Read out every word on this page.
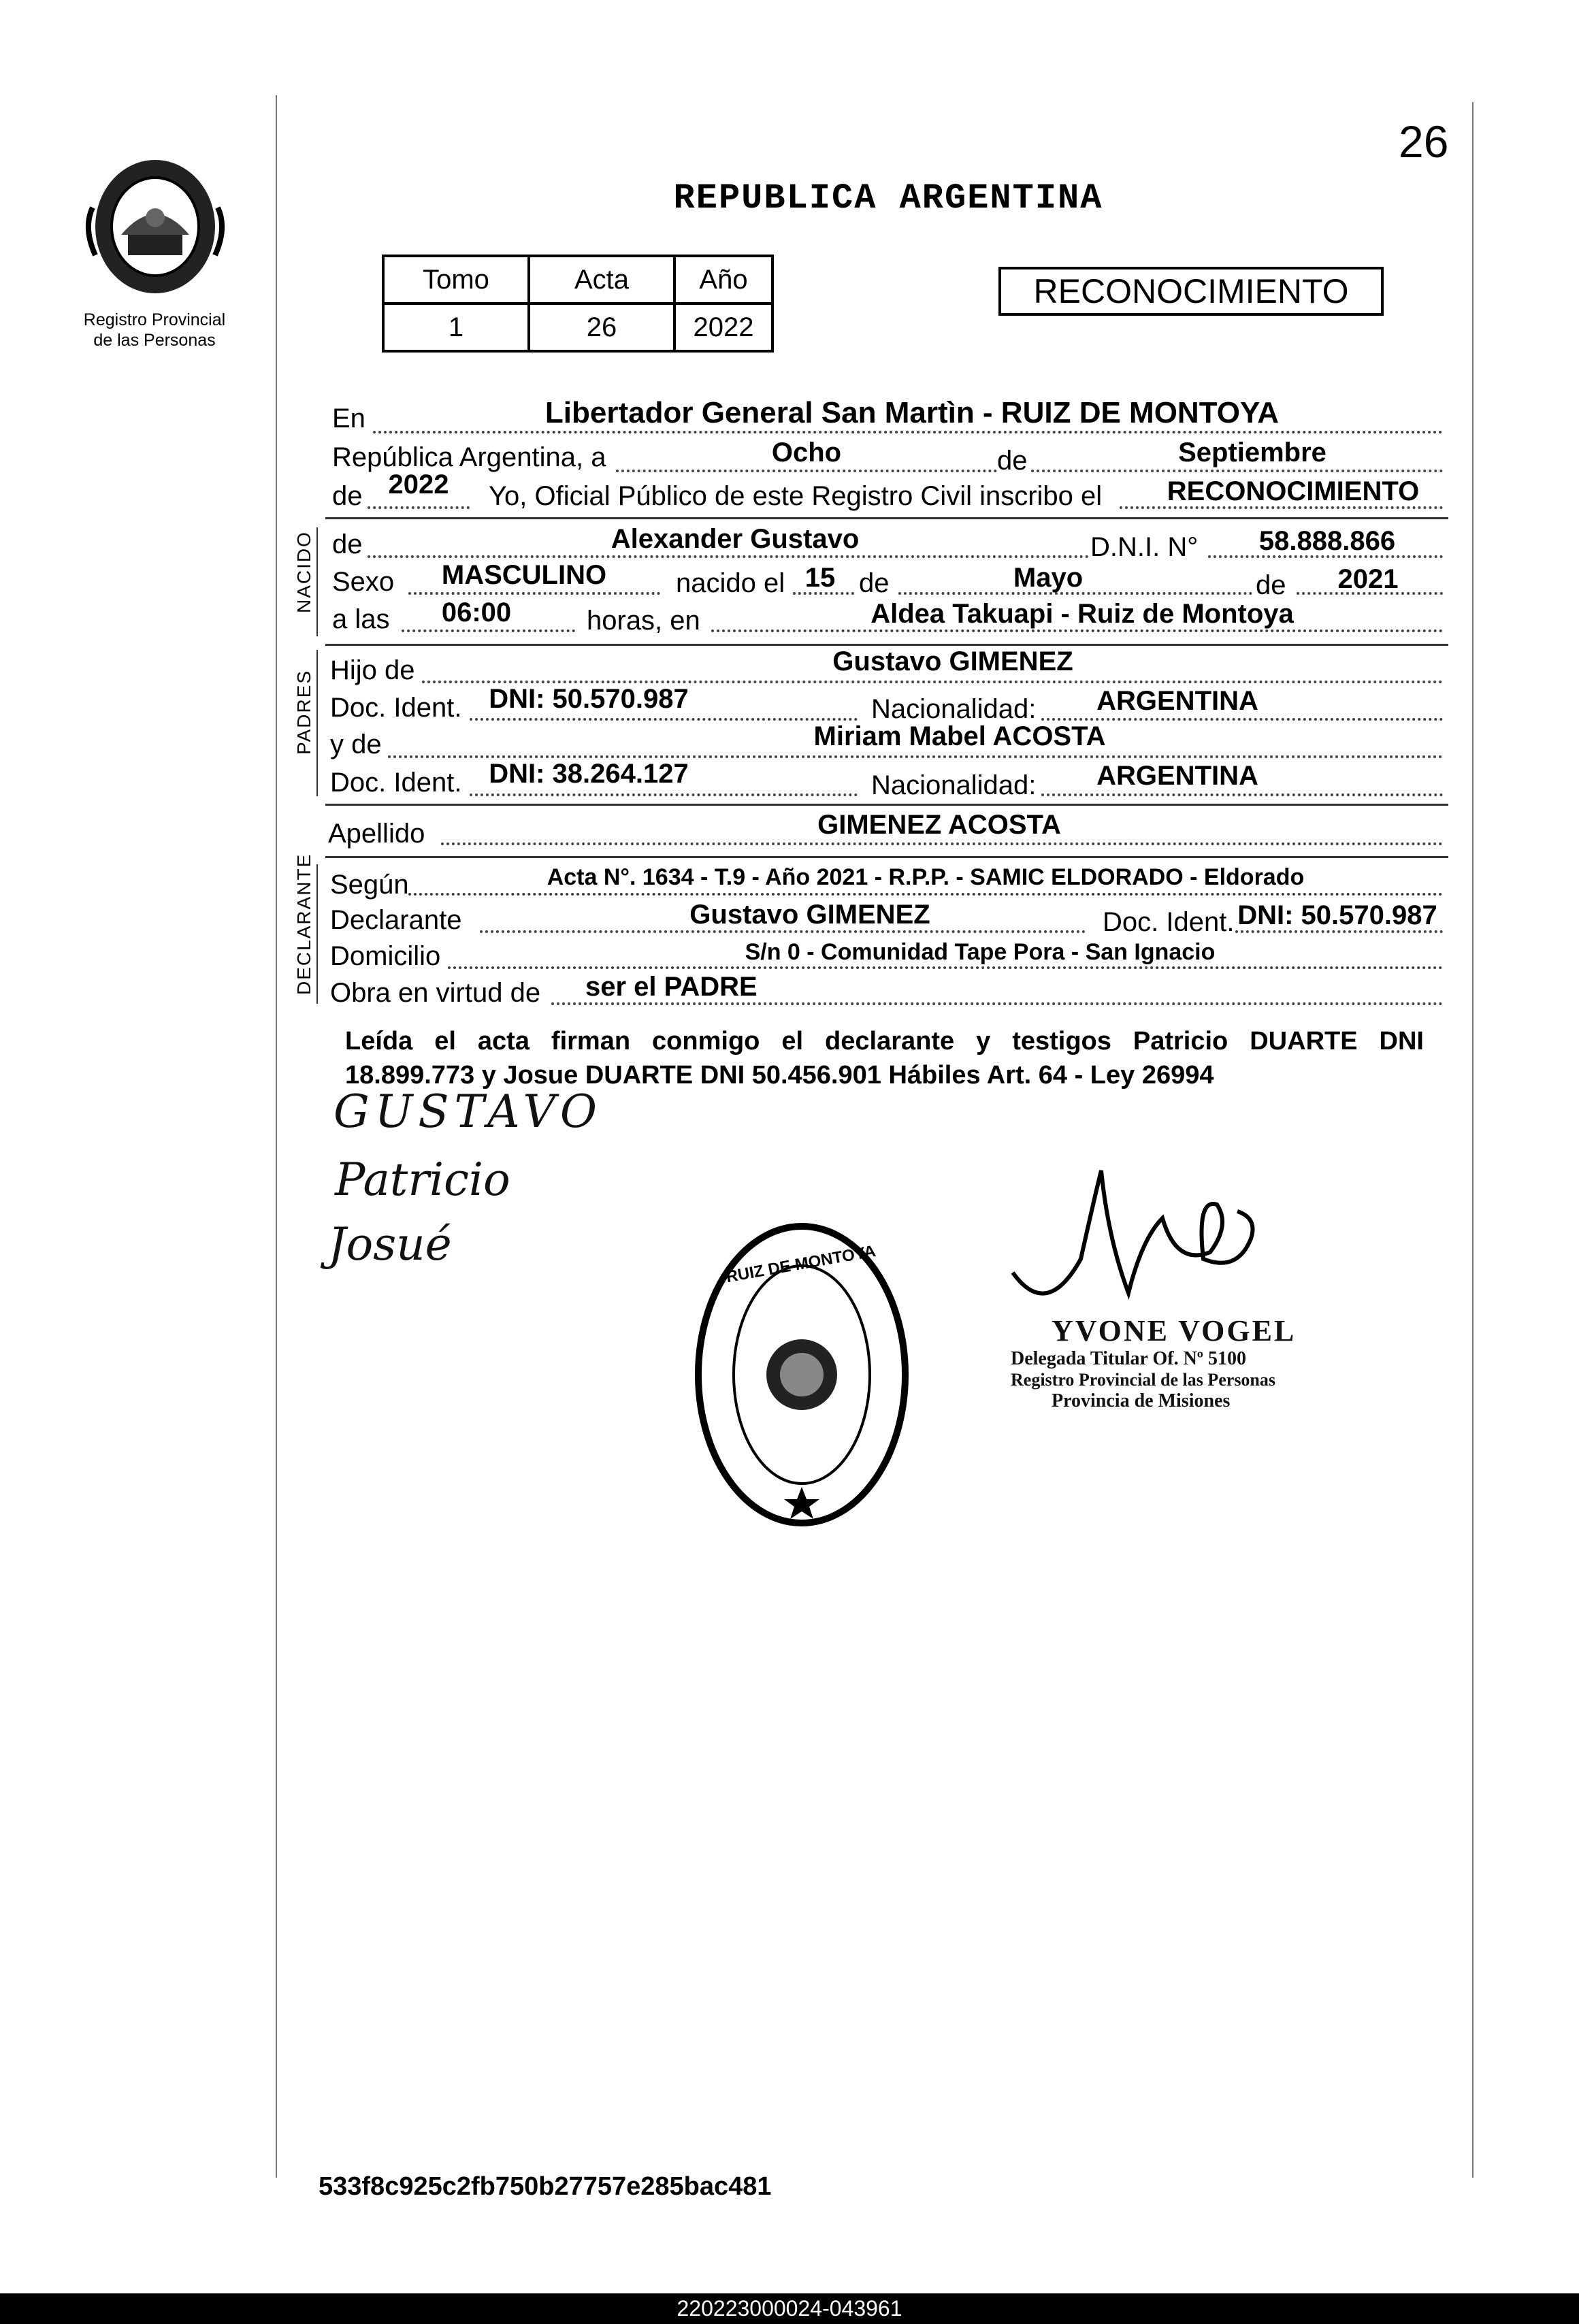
26
Registro Provincial
de las Personas
REPUBLICA ARGENTINA
Tomo	Acta	Año
1	26	2022
RECONOCIMIENTO
NACIDO
PADRES
DECLARANTE
En	Libertador General San Martìn - RUIZ DE MONTOYA
República Argentina, a	Ocho	de	Septiembre
de 2022	Yo, Oficial Público de este Registro Civil inscribo el	RECONOCIMIENTO
de	Alexander Gustavo	D.N.I. N°	58.888.866
Sexo	MASCULINO	nacido el 15 de	Mayo	de	2021
a las	06:00	horas, en	Aldea Takuapi - Ruiz de Montoya
Hijo de	Gustavo GIMENEZ
Doc. Ident. DNI: 50.570.987	Nacionalidad:	ARGENTINA
y de	Miriam Mabel ACOSTA
Doc. Ident. DNI: 38.264.127	Nacionalidad:	ARGENTINA
Apellido	GIMENEZ ACOSTA
Según	Acta N°. 1634 - T.9 - Año 2021 - R.P.P. - SAMIC ELDORADO - Eldorado
Declarante	Gustavo GIMENEZ	Doc. Ident. DNI: 50.570.987
Domicilio	S/n 0 - Comunidad Tape Pora - San Ignacio
Obra en virtud de ser el PADRE
Leída el acta firman conmigo el declarante y testigos Patricio DUARTE DNI
18.899.773 y Josue DUARTE DNI 50.456.901 Hábiles Art. 64 - Ley 26994
GUSTAVO
Patricio
Josué	RUIZ DE MONTOYA
YVONE VOGEL
Delegada Titular Of. Nº 5100
Registro Provincial de las Personas
Provincia de Misiones
533f8c925c2fb750b27757e285bac481
220223000024-043961
